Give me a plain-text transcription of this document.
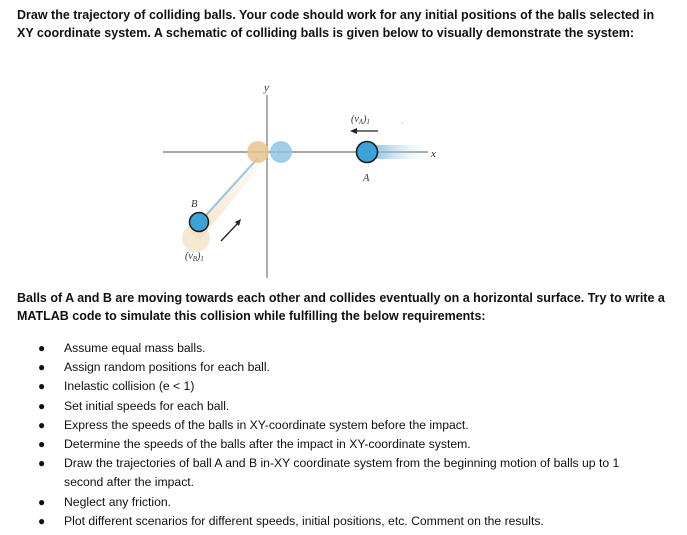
Draw the trajectory of colliding balls. Your code should work for any initial positions of the balls selected in XY coordinate system. A schematic of colliding balls is given below to visually demonstrate the system:
y
x
A
$(v_A)_1$	.
B
$(v_B)_1$
Balls of A and B are moving towards each other and collides eventually on a horizontal surface. Try to write a MATLAB code to simulate this collision while fulfilling the below requirements:
● Assume equal mass balls.
● Assign random positions for each ball.
● Inelastic collision (e < 1)
● Set initial speeds for each ball.
● Express the speeds of the balls in XY-coordinate system before the impact.
● Determine the speeds of the balls after the impact in XY-coordinate system.
● Draw the trajectories of ball A and B in-XY coordinate system from the beginning motion of balls up to 1 second after the impact.
● Neglect any friction.
● Plot different scenarios for different speeds, initial positions, etc. Comment on the results.
